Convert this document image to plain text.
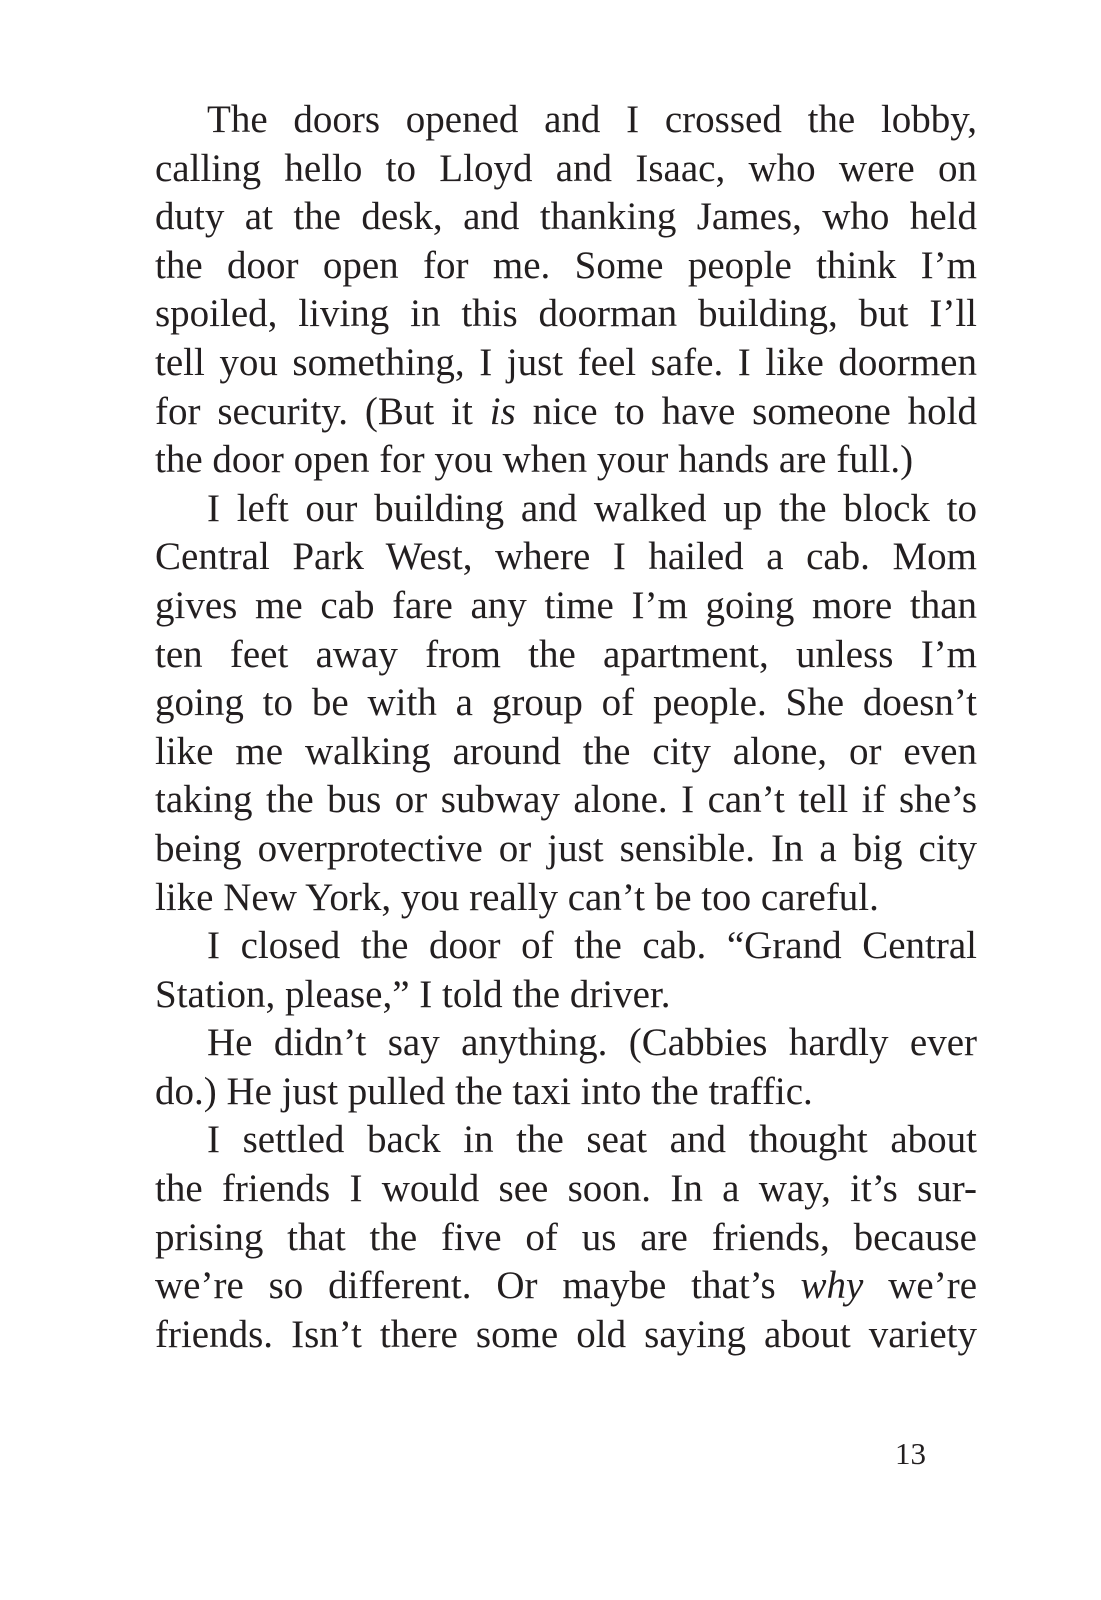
The doors opened and I crossed the lobby,
calling hello to Lloyd and Isaac, who were on
duty at the desk, and thanking James, who held
the door open for me. Some people think I’m
spoiled, living in this doorman building, but I’ll
tell you something, I just feel safe. I like doormen
for security. (But it is nice to have someone hold
the door open for you when your hands are full.)
I left our building and walked up the block to
Central Park West, where I hailed a cab. Mom
gives me cab fare any time I’m going more than
ten feet away from the apartment, unless I’m
going to be with a group of people. She doesn’t
like me walking around the city alone, or even
taking the bus or subway alone. I can’t tell if she’s
being overprotective or just sensible. In a big city
like New York, you really can’t be too careful.
I closed the door of the cab. “Grand Central
Station, please,” I told the driver.
He didn’t say anything. (Cabbies hardly ever
do.) He just pulled the taxi into the traffic.
I settled back in the seat and thought about
the friends I would see soon. In a way, it’s sur-
prising that the five of us are friends, because
we’re so different. Or maybe that’s why we’re
friends. Isn’t there some old saying about variety
13
